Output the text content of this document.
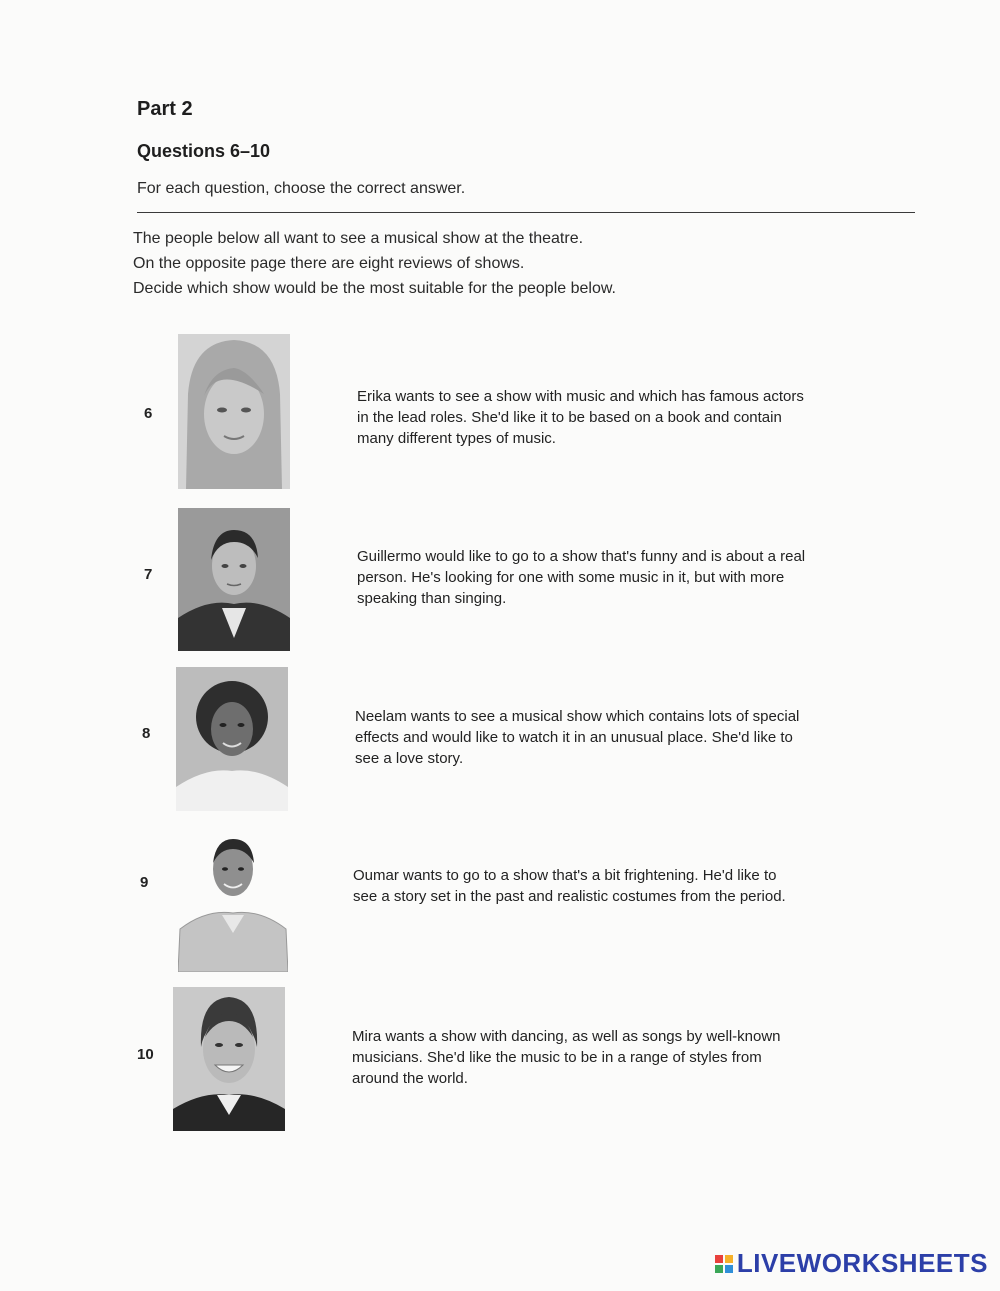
Part 2
Questions 6–10
For each question, choose the correct answer.
The people below all want to see a musical show at the theatre.
On the opposite page there are eight reviews of shows.
Decide which show would be the most suitable for the people below.
6
Erika wants to see a show with music and which has famous actors
in the lead roles. She'd like it to be based on a book and contain
many different types of music.
7
Guillermo would like to go to a show that's funny and is about a real
person. He's looking for one with some music in it, but with more
speaking than singing.
8
Neelam wants to see a musical show which contains lots of special
effects and would like to watch it in an unusual place. She'd like to
see a love story.
9	Oumar wants to go to a show that's a bit frightening. He'd like to
see a story set in the past and realistic costumes from the period.
10
Mira wants a show with dancing, as well as songs by well-known
musicians. She'd like the music to be in a range of styles from
around the world.
LIVEWORKSHEETS
